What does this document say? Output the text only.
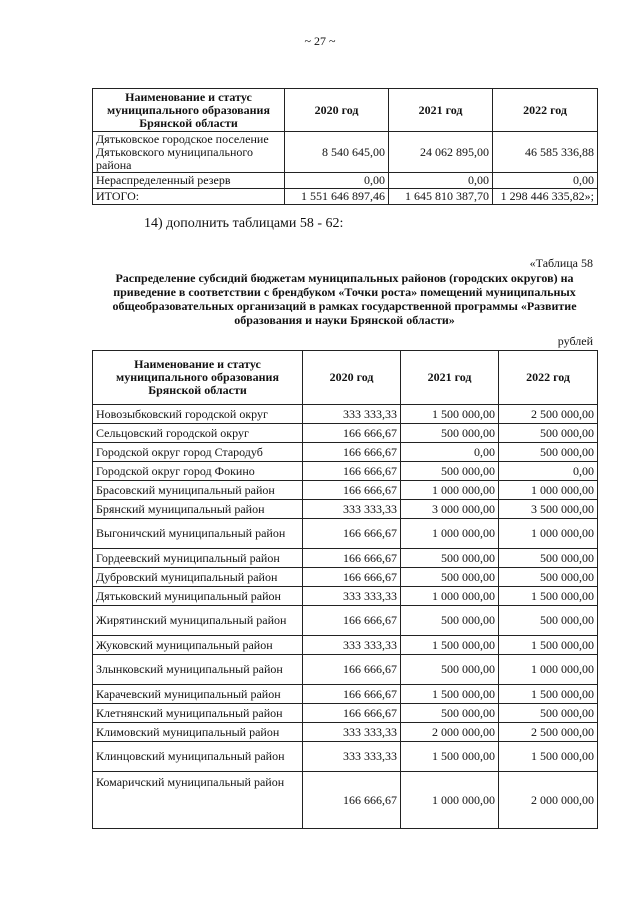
~ 27 ~
Наименование и статус муниципального образования Брянской области	2020 год	2021 год	2022 год
Дятьковское городское поселение Дятьковского муниципального района	8 540 645,00	24 062 895,00	46 585 336,88
Нераспределенный резерв	0,00	0,00	0,00
ИТОГО:	1 551 646 897,46	1 645 810 387,70	1 298 446 335,82»;
14) дополнить таблицами 58 - 62:
«Таблица 58
Распределение субсидий бюджетам муниципальных районов (городских округов) на приведение в соответствии с брендбуком «Точки роста» помещений муниципальных общеобразовательных организаций в рамках государственной программы «Развитие образования и науки Брянской области»
рублей
Наименование и статус муниципального образования Брянской области	2020 год	2021 год	2022 год
Новозыбковский городской округ	333 333,33	1 500 000,00	2 500 000,00
Сельцовский городской округ	166 666,67	500 000,00	500 000,00
Городской округ город Стародуб	166 666,67	0,00	500 000,00
Городской округ город Фокино	166 666,67	500 000,00	0,00
Брасовский муниципальный район	166 666,67	1 000 000,00	1 000 000,00
Брянский муниципальный район	333 333,33	3 000 000,00	3 500 000,00
Выгоничский муниципальный район	166 666,67	1 000 000,00	1 000 000,00
Гордеевский муниципальный район	166 666,67	500 000,00	500 000,00
Дубровский муниципальный район	166 666,67	500 000,00	500 000,00
Дятьковский муниципальный район	333 333,33	1 000 000,00	1 500 000,00
Жирятинский муниципальный район	166 666,67	500 000,00	500 000,00
Жуковский муниципальный район	333 333,33	1 500 000,00	1 500 000,00
Злынковский муниципальный район	166 666,67	500 000,00	1 000 000,00
Карачевский муниципальный район	166 666,67	1 500 000,00	1 500 000,00
Клетнянский муниципальный район	166 666,67	500 000,00	500 000,00
Климовский муниципальный район	333 333,33	2 000 000,00	2 500 000,00
Клинцовский муниципальный район	333 333,33	1 500 000,00	1 500 000,00
Комаричский муниципальный район	166 666,67	1 000 000,00	2 000 000,00
